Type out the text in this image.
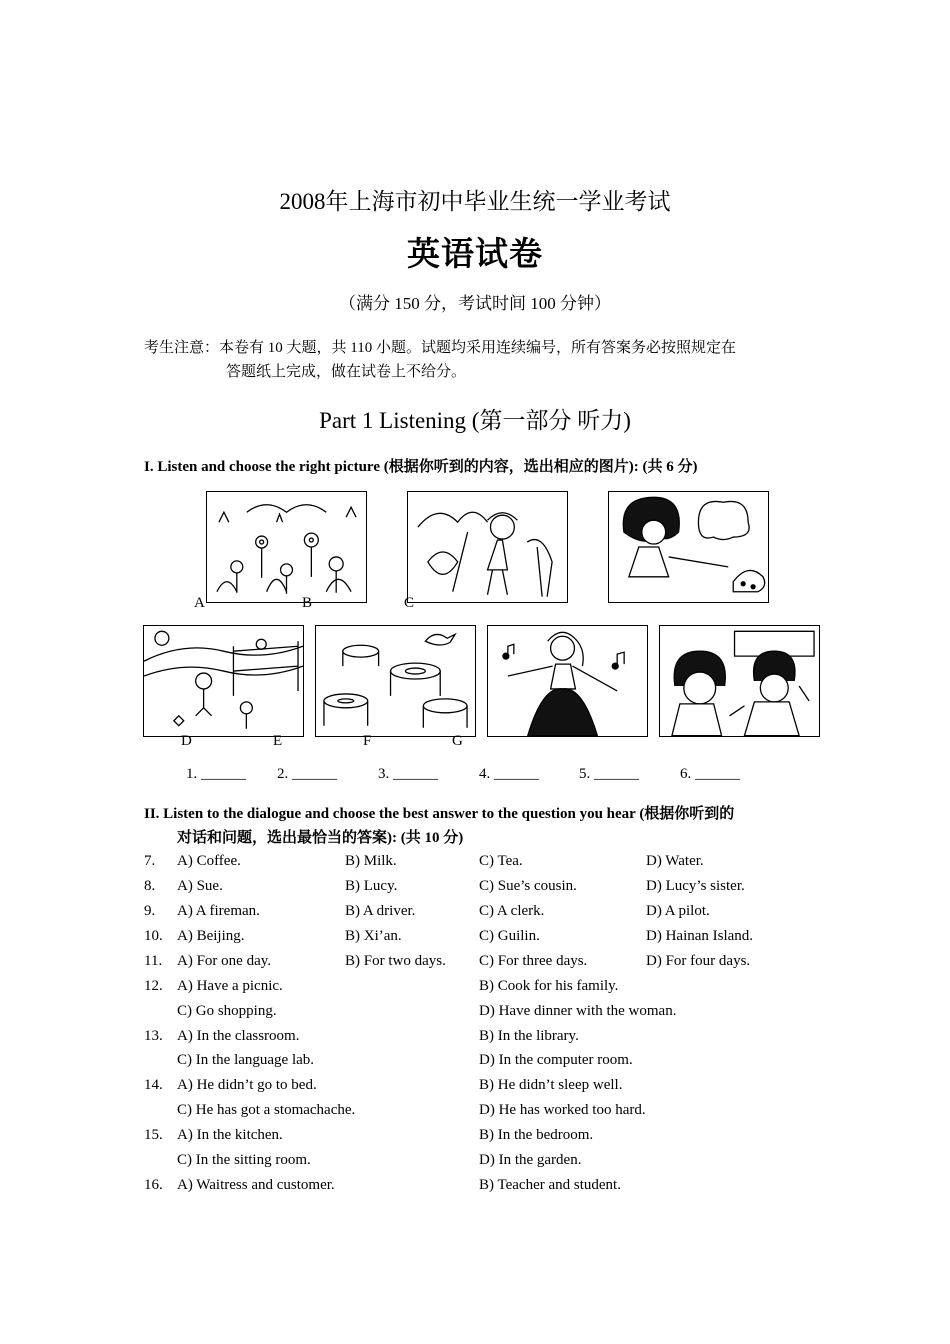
2008年上海市初中毕业生统一学业考试
英语试卷
（满分 150 分，考试时间 100 分钟）
考生注意：本卷有 10 大题，共 110 小题。试题均采用连续编号，所有答案务必按照规定在
答题纸上完成，做在试卷上不给分。
Part 1 Listening (第一部分 听力)
I. Listen and choose the right picture (根据你听到的内容，选出相应的图片): (共 6 分)
A	B	C
D	E	F	G
1. ______ 2. ______	3. ______	4. ______	5. ______	6. ______
II. Listen to the dialogue and choose the best answer to the question you hear (根据你听到的
对话和问题，选出最恰当的答案): (共 10 分)
7. A) Coffee.	B) Milk.	C) Tea.	D) Water.
8. A) Sue.	B) Lucy.	C) Sue’s cousin.	D) Lucy’s sister.
9. A) A fireman.	B) A driver.	C) A clerk.	D) A pilot.
10. A) Beijing.	B) Xi’an.	C) Guilin.	D) Hainan Island.
11. A) For one day.	B) For two days. C) For three days.	D) For four days.
12. A) Have a picnic.	B) Cook for his family.
C) Go shopping.	D) Have dinner with the woman.
13. A) In the classroom.	B) In the library.
C) In the language lab.	D) In the computer room.
14. A) He didn’t go to bed.	B) He didn’t sleep well.
C) He has got a stomachache.	D) He has worked too hard.
15. A) In the kitchen.	B) In the bedroom.
C) In the sitting room.	D) In the garden.
16. A) Waitress and customer.	B) Teacher and student.
